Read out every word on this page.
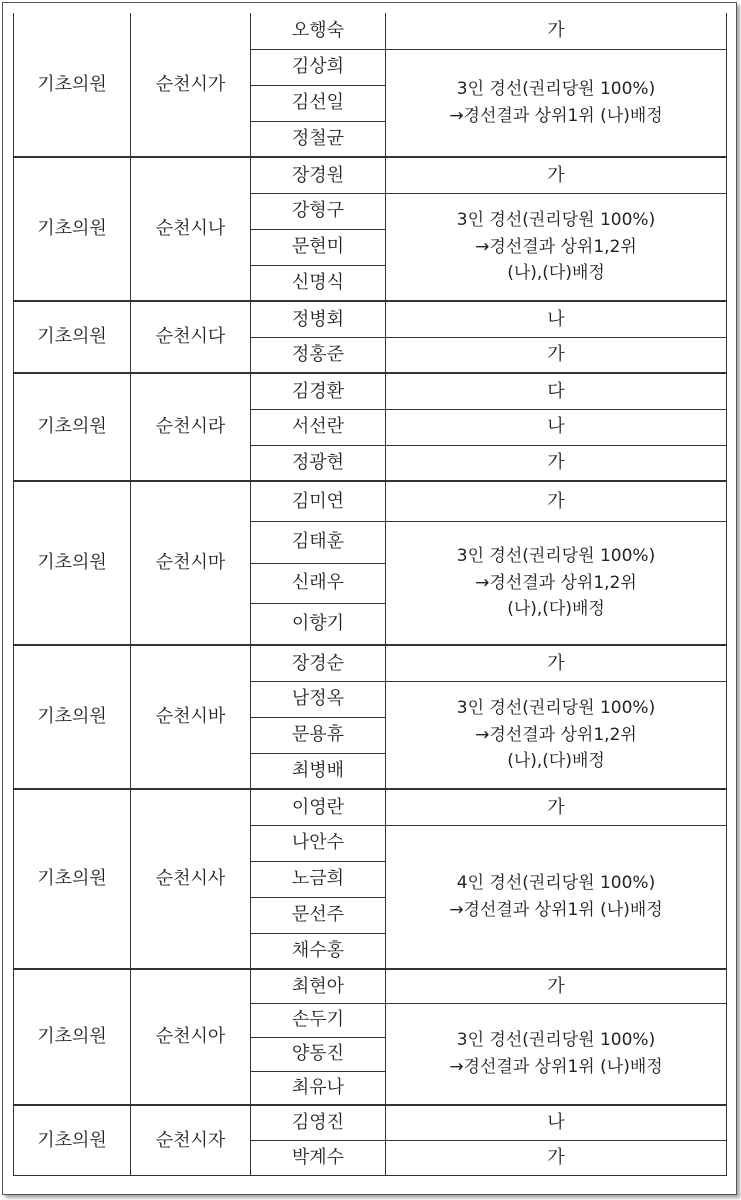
기초의원	순천시가	오행숙	가
		김상희	3인 경선(권리당원 100%)
→경선결과 상위1위 (나)배정
		김선일	
		정철균	
기초의원	순천시나	장경원	가
		강형구	3인 경선(권리당원 100%)
→경선결과 상위1,2위
(나),(다)배정
		문현미	
		신명식	
기초의원	순천시다	정병회	나
		정홍준	가
기초의원	순천시라	김경환	다
		서선란	나
		정광현	가
기초의원	순천시마	김미연	가
		김태훈	3인 경선(권리당원 100%)
→경선결과 상위1,2위
(나),(다)배정
		신래우	
		이향기	
기초의원	순천시바	장경순	가
		남정옥	3인 경선(권리당원 100%)
→경선결과 상위1,2위
(나),(다)배정
		문용휴	
		최병배	
기초의원	순천시사	이영란	가
		나안수	4인 경선(권리당원 100%)
→경선결과 상위1위 (나)배정
		노금희	
		문선주	
		채수홍	
기초의원	순천시아	최현아	가
		손두기	3인 경선(권리당원 100%)
→경선결과 상위1위 (나)배정
		양동진	
		최유나	
기초의원	순천시자	김영진	나
		박계수	가
